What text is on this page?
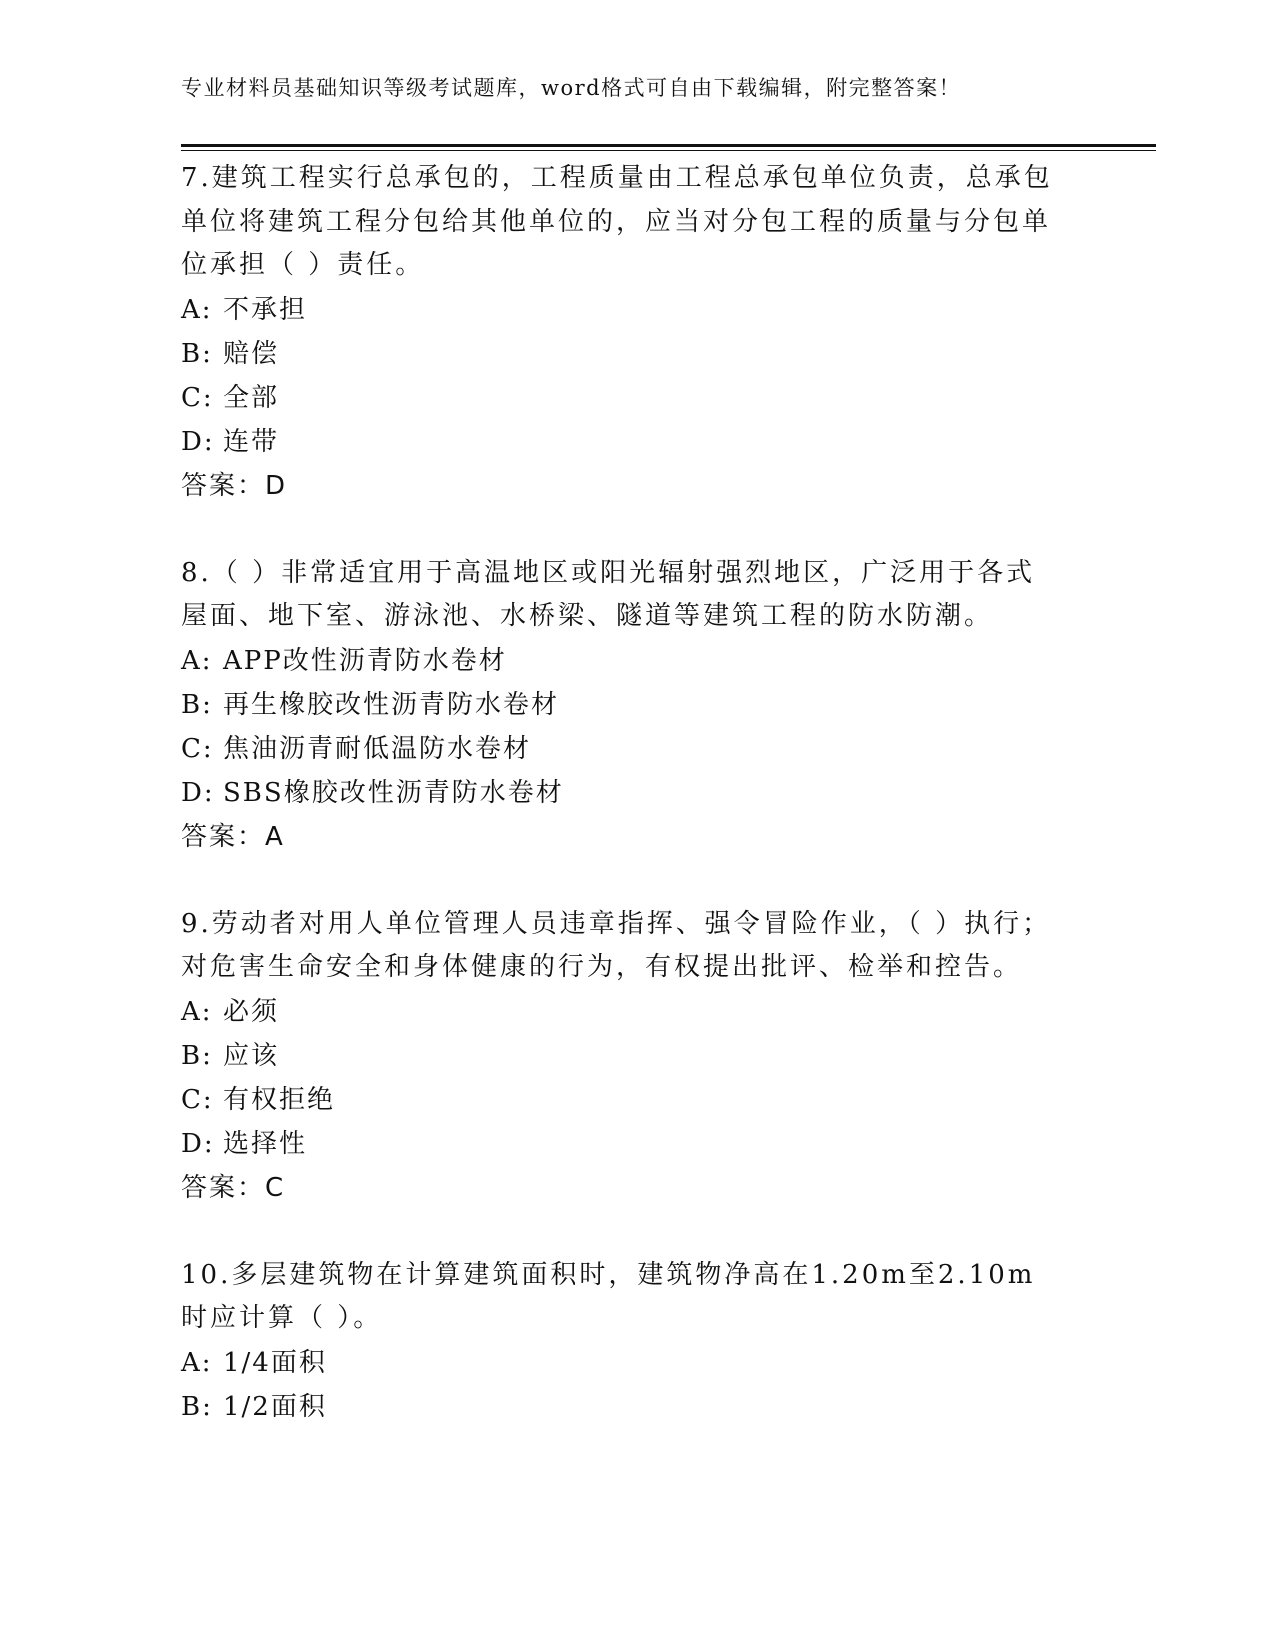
专业材料员基础知识等级考试题库，word格式可自由下载编辑，附完整答案！

7.建筑工程实行总承包的，工程质量由工程总承包单位负责，总承包单位将建筑工程分包给其他单位的，应当对分包工程的质量与分包单位承担（ ）责任。

A: 不承担

B: 赔偿

C: 全部

D: 连带

答案：D

8.（ ）非常适宜用于高温地区或阳光辐射强烈地区，广泛用于各式屋面、地下室、游泳池、水桥梁、隧道等建筑工程的防水防潮。

A: APP改性沥青防水卷材

B: 再生橡胶改性沥青防水卷材

C: 焦油沥青耐低温防水卷材

D: SBS橡胶改性沥青防水卷材

答案：A

9.劳动者对用人单位管理人员违章指挥、强令冒险作业，（ ）执行；对危害生命安全和身体健康的行为，有权提出批评、检举和控告。

A: 必须

B: 应该

C: 有权拒绝

D: 选择性

答案：C

10.多层建筑物在计算建筑面积时，建筑物净高在1.20m至2.10m时应计算（ ）。

A: 1/4面积

B: 1/2面积
